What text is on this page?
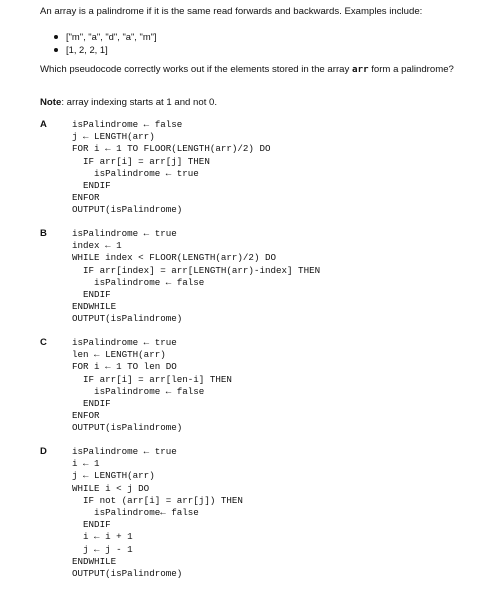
An array is a palindrome if it is the same read forwards and backwards. Examples include:
["m", "a", "d", "a", "m"]
[1, 2, 2, 1]
Which pseudocode correctly works out if the elements stored in the array arr form a palindrome?
Note: array indexing starts at 1 and not 0.
A	isPalindrome ← false
j ← LENGTH(arr)
FOR i ← 1 TO FLOOR(LENGTH(arr)/2) DO
IF arr[i] = arr[j] THEN
isPalindrome ← true
ENDIF
ENFOR
OUTPUT(isPalindrome)
B	isPalindrome ← true
index ← 1
WHILE index < FLOOR(LENGTH(arr)/2) DO
IF arr[index] = arr[LENGTH(arr)-index] THEN
isPalindrome ← false
ENDIF
ENDWHILE
OUTPUT(isPalindrome)
C	isPalindrome ← true
len ← LENGTH(arr)
FOR i ← 1 TO len DO
IF arr[i] = arr[len-i] THEN
isPalindrome ← false
ENDIF
ENFOR
OUTPUT(isPalindrome)
D	isPalindrome ← true
i ← 1
j ← LENGTH(arr)
WHILE i < j DO
IF not (arr[i] = arr[j]) THEN
isPalindrome← false
ENDIF
i ← i + 1
j ← j - 1
ENDWHILE
OUTPUT(isPalindrome)
